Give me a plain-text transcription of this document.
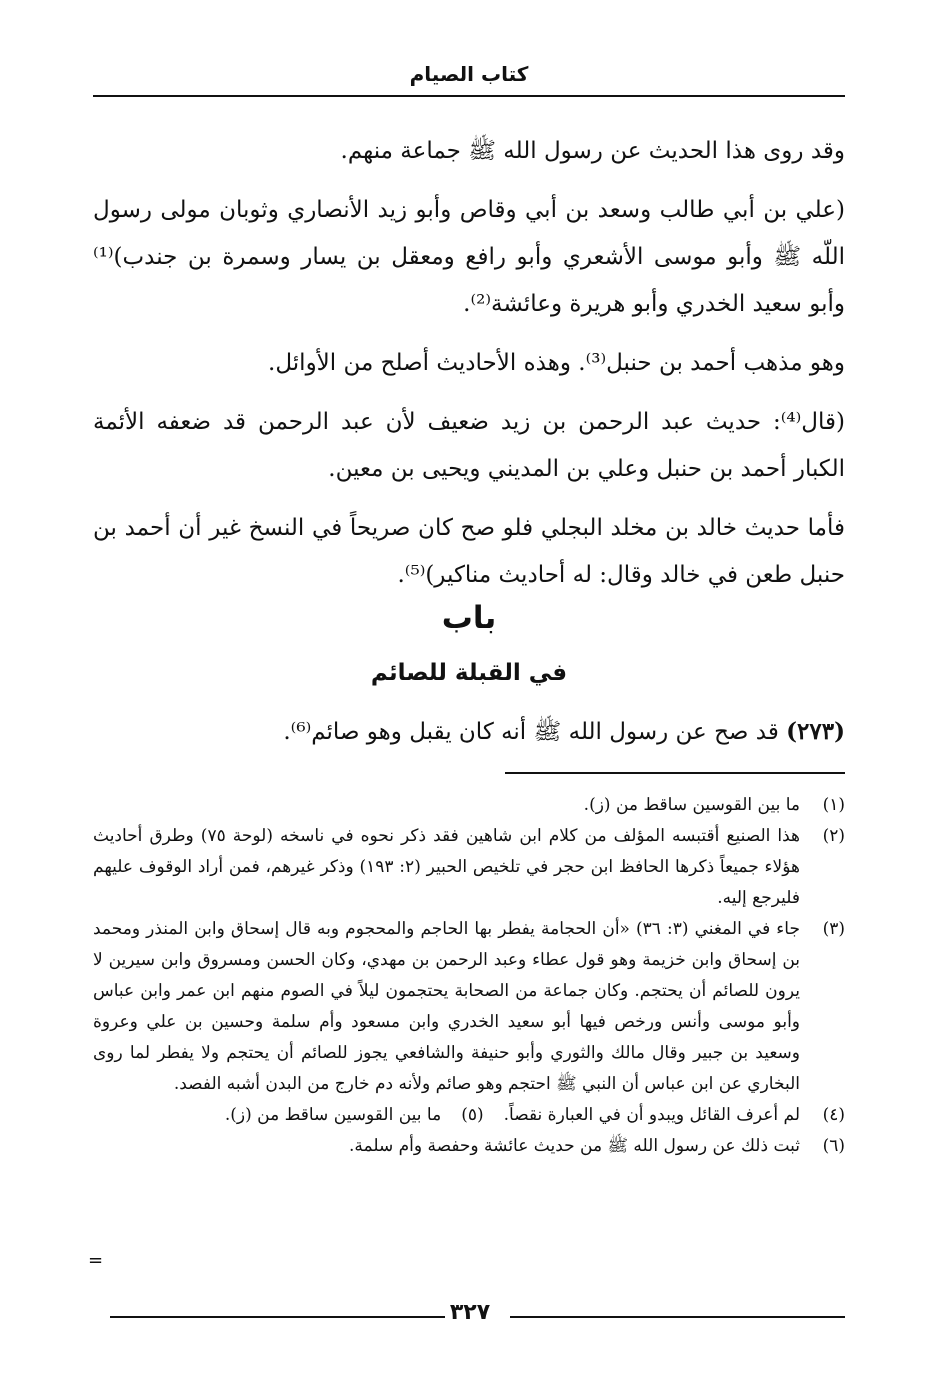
كتاب الصيام

وقد روى هذا الحديث عن رسول الله ﷺ جماعة منهم.

(علي بن أبي طالب وسعد بن أبي وقاص وأبو زيد الأنصاري وثوبان مولى رسول اللّه ﷺ وأبو موسى الأشعري وأبو رافع ومعقل بن يسار وسمرة بن جندب)⁽¹⁾ وأبو سعيد الخدري وأبو هريرة وعائشة⁽²⁾.

وهو مذهب أحمد بن حنبل⁽³⁾. وهذه الأحاديث أصلح من الأوائل.

(قال⁽⁴⁾: حديث عبد الرحمن بن زيد ضعيف لأن عبد الرحمن قد ضعفه الأئمة الكبار أحمد بن حنبل وعلي بن المديني ويحيى بن معين.

فأما حديث خالد بن مخلد البجلي فلو صح كان صريحاً في النسخ غير أن أحمد بن حنبل طعن في خالد وقال: له أحاديث مناكير)⁽⁵⁾.

باب
في القبلة للصائم
(٢٧٣) قد صح عن رسول الله ﷺ أنه كان يقبل وهو صائم⁽⁶⁾.
(١)
ما بين القوسين ساقط من (ز).
(٢)
هذا الصنيع أقتبسه المؤلف من كلام ابن شاهين فقد ذكر نحوه في ناسخه (لوحة ٧٥) وطرق أحاديث هؤلاء جميعاً ذكرها الحافظ ابن حجر في تلخيص الحبير (٢: ١٩٣) وذكر غيرهم، فمن أراد الوقوف عليهم فليرجع إليه.
(٣)
جاء في المغني (٣: ٣٦) «أن الحجامة يفطر بها الحاجم والمحجوم وبه قال إسحاق وابن المنذر ومحمد بن إسحاق وابن خزيمة وهو قول عطاء وعبد الرحمن بن مهدي، وكان الحسن ومسروق وابن سيرين لا يرون للصائم أن يحتجم. وكان جماعة من الصحابة يحتجمون ليلاً في الصوم منهم ابن عمر وابن عباس وأبو موسى وأنس ورخص فيها أبو سعيد الخدري وابن مسعود وأم سلمة وحسين بن علي وعروة وسعيد بن جبير وقال مالك والثوري وأبو حنيفة والشافعي يجوز للصائم أن يحتجم ولا يفطر لما روى البخاري عن ابن عباس أن النبي ﷺ احتجم وهو صائم ولأنه دم خارج من البدن أشبه الفصد.
(٤)
لم أعرف القائل ويبدو أن في العبارة نقصاً.
(٥)
ما بين القوسين ساقط من (ز).
(٦)
ثبت ذلك عن رسول الله ﷺ من حديث عائشة وحفصة وأم سلمة.
=
٣٢٧
